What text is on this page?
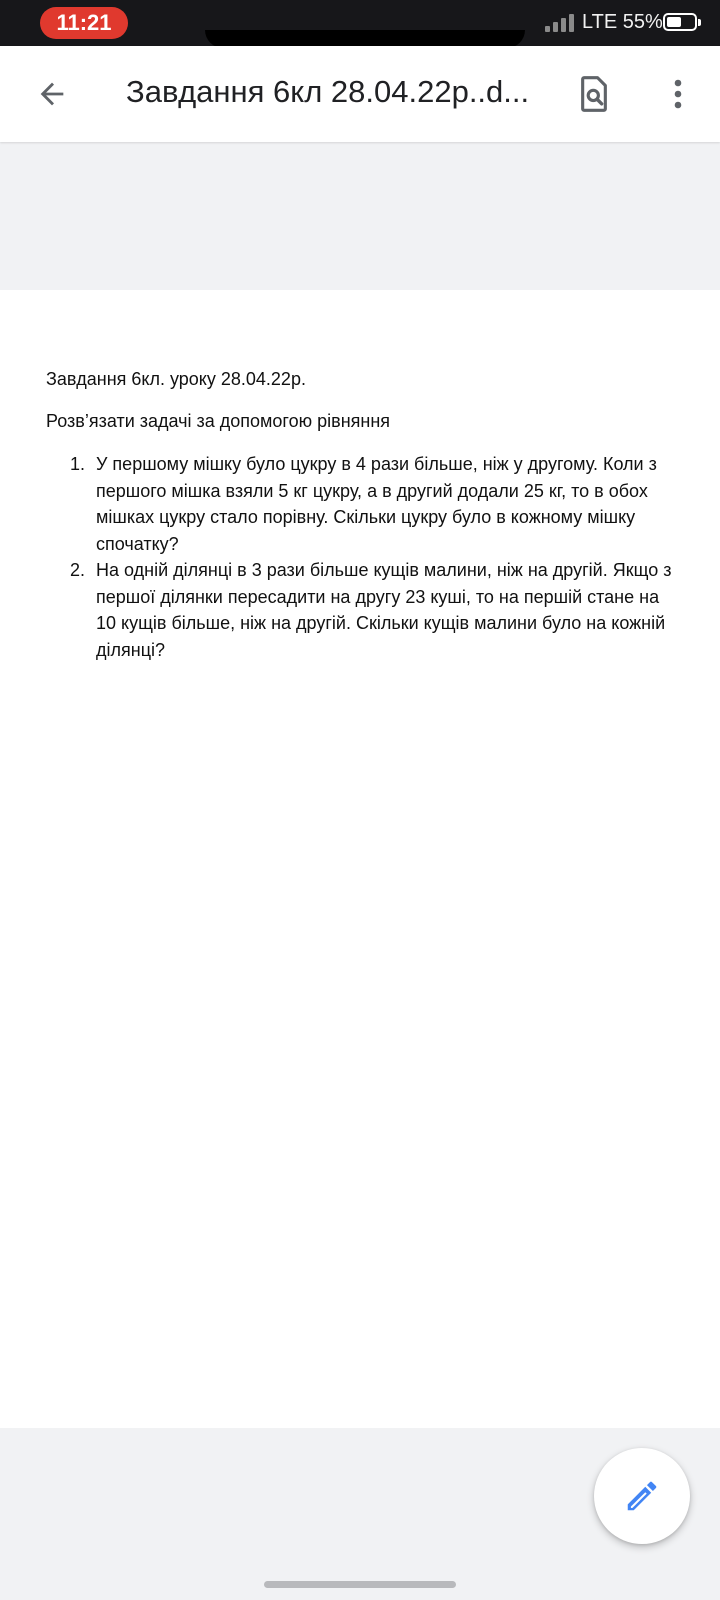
11:21	LTE 55%
Завдання 6кл 28.04.22р..d...

Завдання 6кл. уроку 28.04.22р.

Розв’язати задачі за допомогою рівняння

1. У першому мішку було цукру в 4 рази більше, ніж у другому. Коли з першого мішка взяли 5 кг цукру, а в другий додали 25 кг, то в обох мішках цукру стало порівну. Скільки цукру було в кожному мішку спочатку?
2. На одній ділянці в 3 рази більше кущів малини, ніж на другій. Якщо з першої ділянки пересадити на другу 23 куші, то на першій стане на 10 кущів більше, ніж на другій. Скільки кущів малини було на кожній ділянці?
